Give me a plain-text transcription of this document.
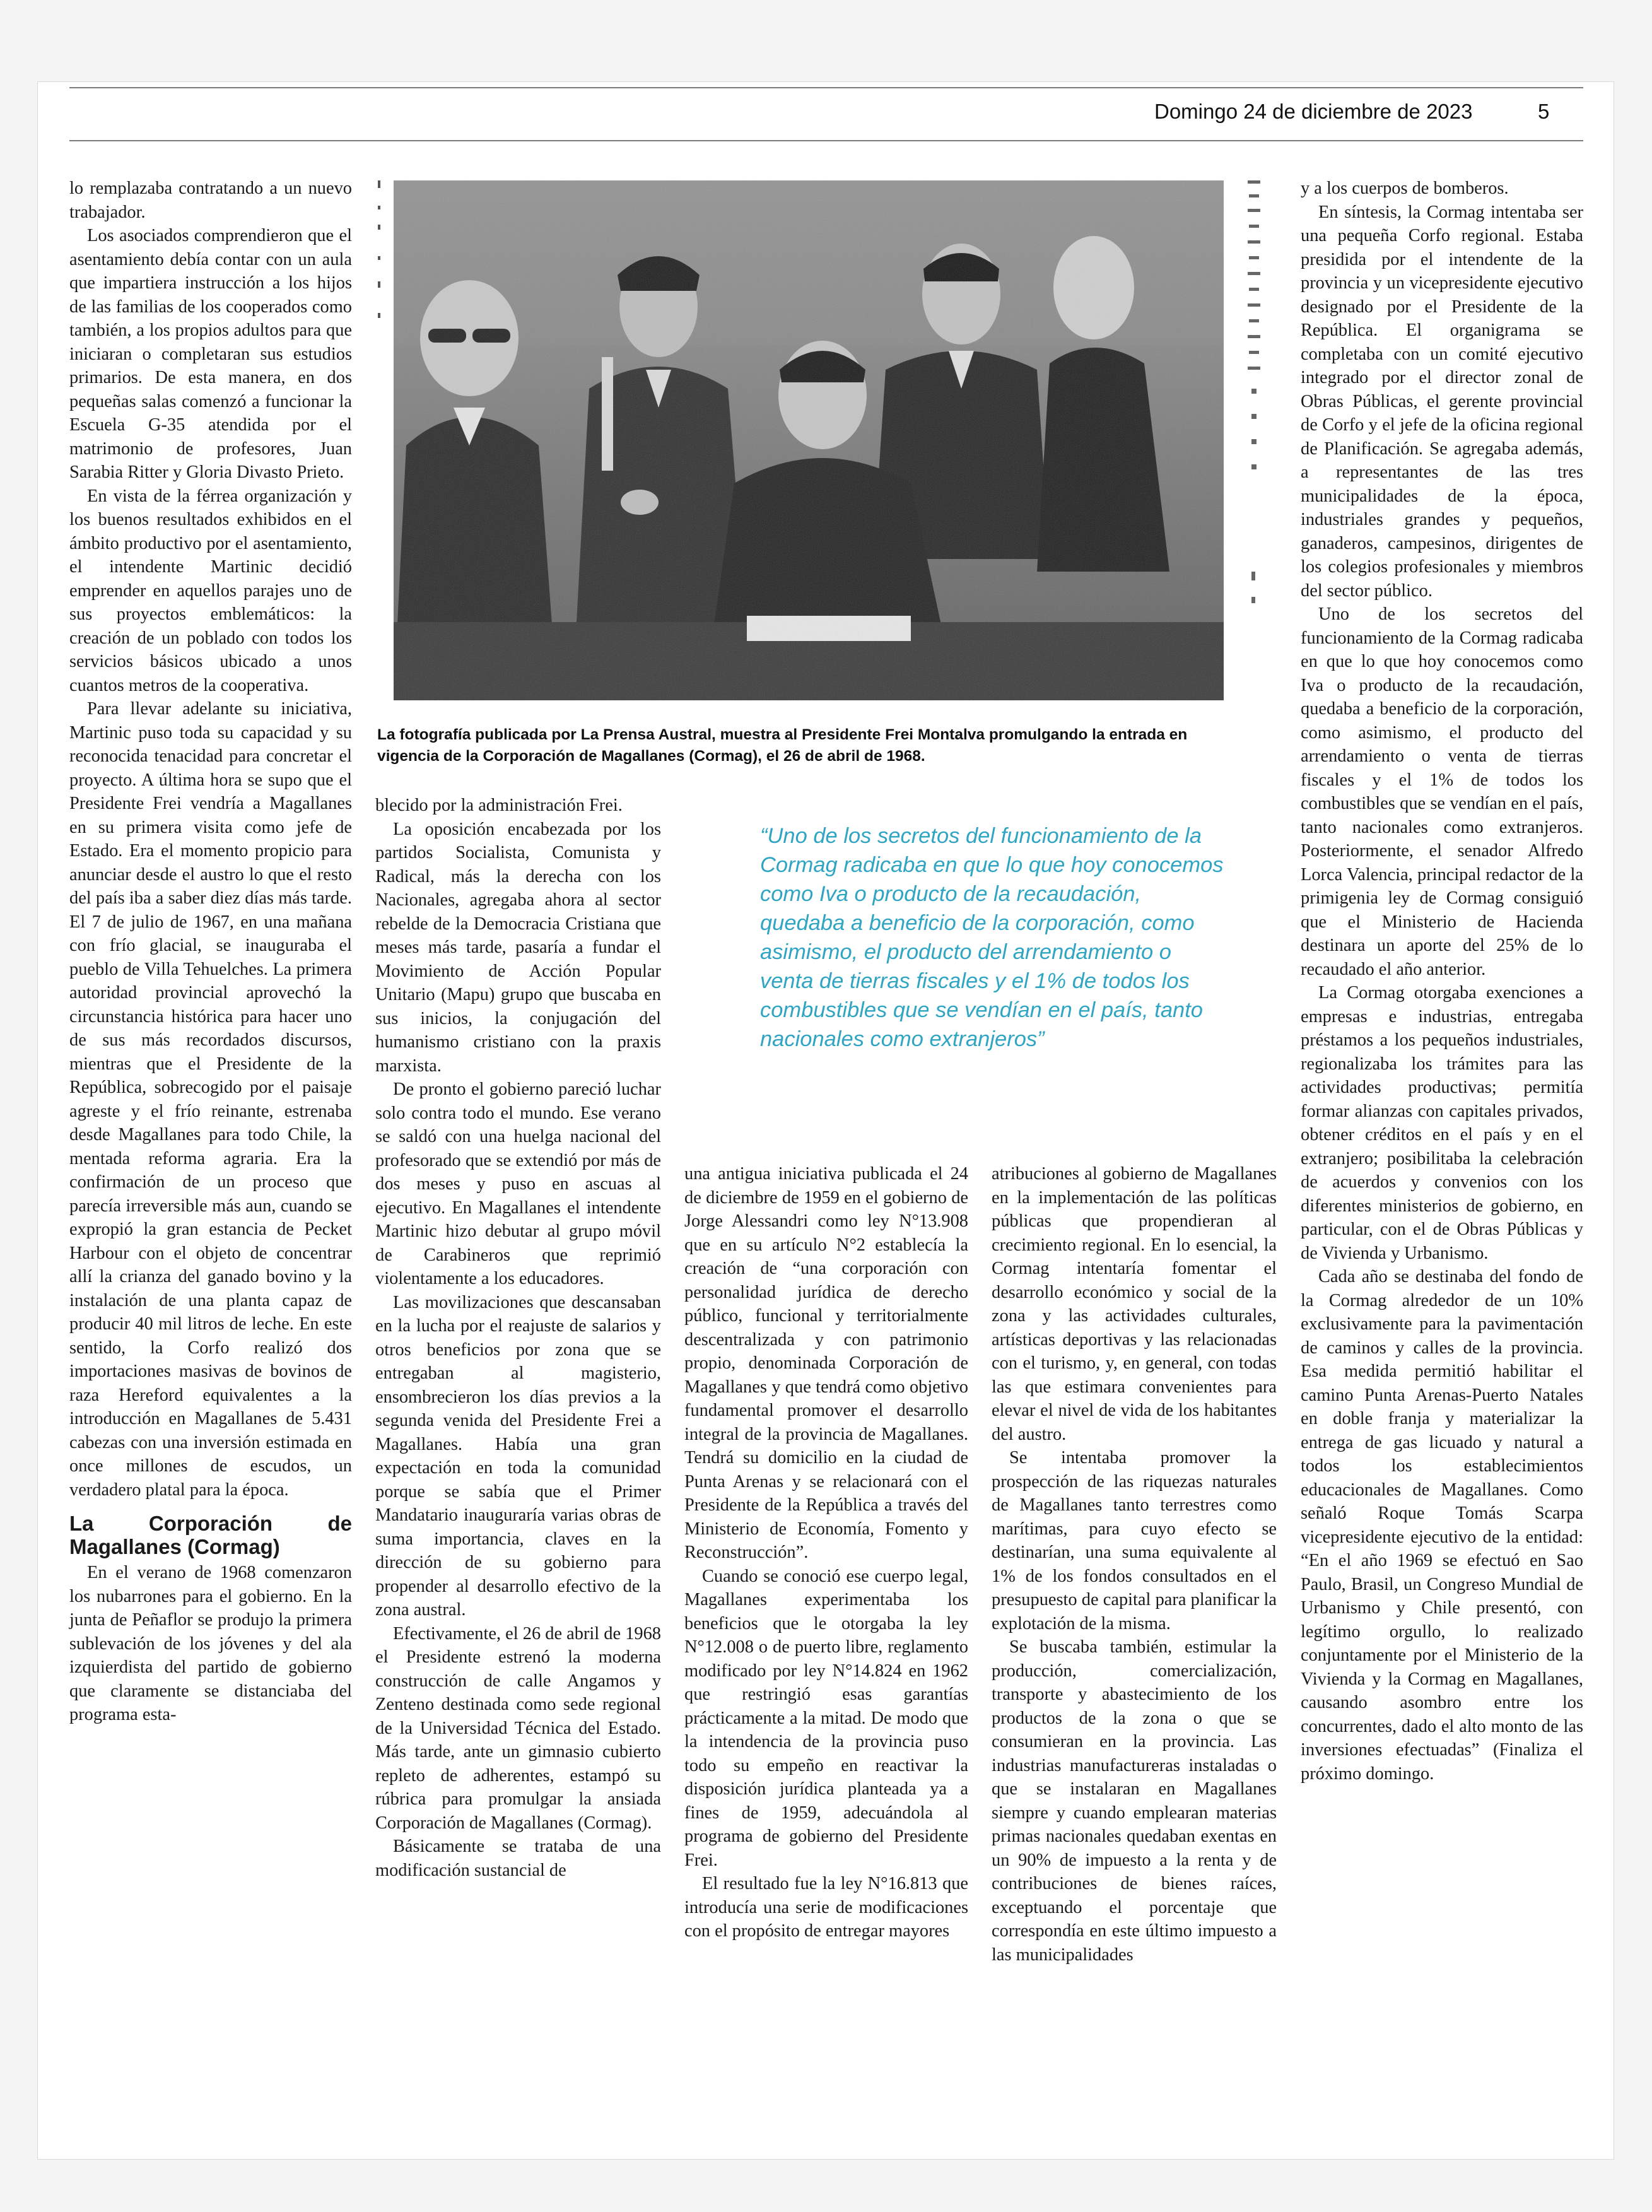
Domingo 24 de diciembre de 2023	5

lo remplazaba contratando a un nuevo trabajador.

Los asociados comprendieron que el asentamiento debía contar con un aula que impartiera instrucción a los hijos de las familias de los cooperados como también, a los propios adultos para que iniciaran o completaran sus estudios primarios. De esta manera, en dos pequeñas salas comenzó a funcionar la Escuela G-35 atendida por el matrimonio de profesores, Juan Sarabia Ritter y Gloria Divasto Prieto.

En vista de la férrea organización y los buenos resultados exhibidos en el ámbito productivo por el asentamiento, el intendente Martinic decidió emprender en aquellos parajes uno de sus proyectos emblemáticos: la creación de un poblado con todos los servicios básicos ubicado a unos cuantos metros de la cooperativa.

Para llevar adelante su iniciativa, Martinic puso toda su capacidad y su reconocida tenacidad para concretar el proyecto. A última hora se supo que el Presidente Frei vendría a Magallanes en su primera visita como jefe de Estado. Era el momento propicio para anunciar desde el austro lo que el resto del país iba a saber diez días más tarde. El 7 de julio de 1967, en una mañana con frío glacial, se inauguraba el pueblo de Villa Tehuelches. La primera autoridad provincial aprovechó la circunstancia histórica para hacer uno de sus más recordados discursos, mientras que el Presidente de la República, sobrecogido por el paisaje agreste y el frío reinante, estrenaba desde Magallanes para todo Chile, la mentada reforma agraria. Era la confirmación de un proceso que parecía irreversible más aun, cuando se expropió la gran estancia de Pecket Harbour con el objeto de concentrar allí la crianza del ganado bovino y la instalación de una planta capaz de producir 40 mil litros de leche. En este sentido, la Corfo realizó dos importaciones masivas de bovinos de raza Hereford equivalentes a la introducción en Magallanes de 5.431 cabezas con una inversión estimada en once millones de escudos, un verdadero platal para la época.

La Corporación de Magallanes (Cormag)

En el verano de 1968 comenzaron los nubarrones para el gobierno. En la junta de Peñaflor se produjo la primera sublevación de los jóvenes y del ala izquierdista del partido de gobierno que claramente se distanciaba del programa esta-

La fotografía publicada por La Prensa Austral, muestra al Presidente Frei Montalva promulgando la entrada en vigencia de la Corporación de Magallanes (Cormag), el 26 de abril de 1968.
“Uno de los secretos del funcionamiento de la Cormag radicaba en que lo que hoy conocemos como Iva o producto de la recaudación, quedaba a beneficio de la corporación, como asimismo, el producto del arrendamiento o venta de tierras fiscales y el 1% de todos los combustibles que se vendían en el país, tanto nacionales como extranjeros”

blecido por la administración Frei.

La oposición encabezada por los partidos Socialista, Comunista y Radical, más la derecha con los Nacionales, agregaba ahora al sector rebelde de la Democracia Cristiana que meses más tarde, pasaría a fundar el Movimiento de Acción Popular Unitario (Mapu) grupo que buscaba en sus inicios, la conjugación del humanismo cristiano con la praxis marxista.

De pronto el gobierno pareció luchar solo contra todo el mundo. Ese verano se saldó con una huelga nacional del profesorado que se extendió por más de dos meses y puso en ascuas al ejecutivo. En Magallanes el intendente Martinic hizo debutar al grupo móvil de Carabineros que reprimió violentamente a los educadores.

Las movilizaciones que descansaban en la lucha por el reajuste de salarios y otros beneficios por zona que se entregaban al magisterio, ensombrecieron los días previos a la segunda venida del Presidente Frei a Magallanes. Había una gran expectación en toda la comunidad porque se sabía que el Primer Mandatario inauguraría varias obras de suma importancia, claves en la dirección de su gobierno para propender al desarrollo efectivo de la zona austral.

Efectivamente, el 26 de abril de 1968 el Presidente estrenó la moderna construcción de calle Angamos y Zenteno destinada como sede regional de la Universidad Técnica del Estado. Más tarde, ante un gimnasio cubierto repleto de adherentes, estampó su rúbrica para promulgar la ansiada Corporación de Magallanes (Cormag).

Básicamente se trataba de una modificación sustancial de

una antigua iniciativa publicada el 24 de diciembre de 1959 en el gobierno de Jorge Alessandri como ley N°13.908 que en su artículo N°2 establecía la creación de “una corporación con personalidad jurídica de derecho público, funcional y territorialmente descentralizada y con patrimonio propio, denominada Corporación de Magallanes y que tendrá como objetivo fundamental promover el desarrollo integral de la provincia de Magallanes. Tendrá su domicilio en la ciudad de Punta Arenas y se relacionará con el Presidente de la República a través del Ministerio de Economía, Fomento y Reconstrucción”.

Cuando se conoció ese cuerpo legal, Magallanes experimentaba los beneficios que le otorgaba la ley N°12.008 o de puerto libre, reglamento modificado por ley N°14.824 en 1962 que restringió esas garantías prácticamente a la mitad. De modo que la intendencia de la provincia puso todo su empeño en reactivar la disposición jurídica planteada ya a fines de 1959, adecuándola al programa de gobierno del Presidente Frei.

El resultado fue la ley N°16.813 que introducía una serie de modificaciones con el propósito de entregar mayores

atribuciones al gobierno de Magallanes en la implementación de las políticas públicas que propendieran al crecimiento regional. En lo esencial, la Cormag intentaría fomentar el desarrollo económico y social de la zona y las actividades culturales, artísticas deportivas y las relacionadas con el turismo, y, en general, con todas las que estimara convenientes para elevar el nivel de vida de los habitantes del austro.

Se intentaba promover la prospección de las riquezas naturales de Magallanes tanto terrestres como marítimas, para cuyo efecto se destinarían, una suma equivalente al 1% de los fondos consultados en el presupuesto de capital para planificar la explotación de la misma.

Se buscaba también, estimular la producción, comercialización, transporte y abastecimiento de los productos de la zona o que se consumieran en la provincia. Las industrias manufactureras instaladas o que se instalaran en Magallanes siempre y cuando emplearan materias primas nacionales quedaban exentas en un 90% de impuesto a la renta y de contribuciones de bienes raíces, exceptuando el porcentaje que correspondía en este último impuesto a las municipalidades

y a los cuerpos de bomberos.

En síntesis, la Cormag intentaba ser una pequeña Corfo regional. Estaba presidida por el intendente de la provincia y un vicepresidente ejecutivo designado por el Presidente de la República. El organigrama se completaba con un comité ejecutivo integrado por el director zonal de Obras Públicas, el gerente provincial de Corfo y el jefe de la oficina regional de Planificación. Se agregaba además, a representantes de las tres municipalidades de la época, industriales grandes y pequeños, ganaderos, campesinos, dirigentes de los colegios profesionales y miembros del sector público.

Uno de los secretos del funcionamiento de la Cormag radicaba en que lo que hoy conocemos como Iva o producto de la recaudación, quedaba a beneficio de la corporación, como asimismo, el producto del arrendamiento o venta de tierras fiscales y el 1% de todos los combustibles que se vendían en el país, tanto nacionales como extranjeros. Posteriormente, el senador Alfredo Lorca Valencia, principal redactor de la primigenia ley de Cormag consiguió que el Ministerio de Hacienda destinara un aporte del 25% de lo recaudado el año anterior.

La Cormag otorgaba exenciones a empresas e industrias, entregaba préstamos a los pequeños industriales, regionalizaba los trámites para las actividades productivas; permitía formar alianzas con capitales privados, obtener créditos en el país y en el extranjero; posibilitaba la celebración de acuerdos y convenios con los diferentes ministerios de gobierno, en particular, con el de Obras Públicas y de Vivienda y Urbanismo.

Cada año se destinaba del fondo de la Cormag alrededor de un 10% exclusivamente para la pavimentación de caminos y calles de la provincia. Esa medida permitió habilitar el camino Punta Arenas-Puerto Natales en doble franja y materializar la entrega de gas licuado y natural a todos los establecimientos educacionales de Magallanes. Como señaló Roque Tomás Scarpa vicepresidente ejecutivo de la entidad: “En el año 1969 se efectuó en Sao Paulo, Brasil, un Congreso Mundial de Urbanismo y Chile presentó, con legítimo orgullo, lo realizado conjuntamente por el Ministerio de la Vivienda y la Cormag en Magallanes, causando asombro entre los concurrentes, dado el alto monto de las inversiones efectuadas” (Finaliza el próximo domingo.
